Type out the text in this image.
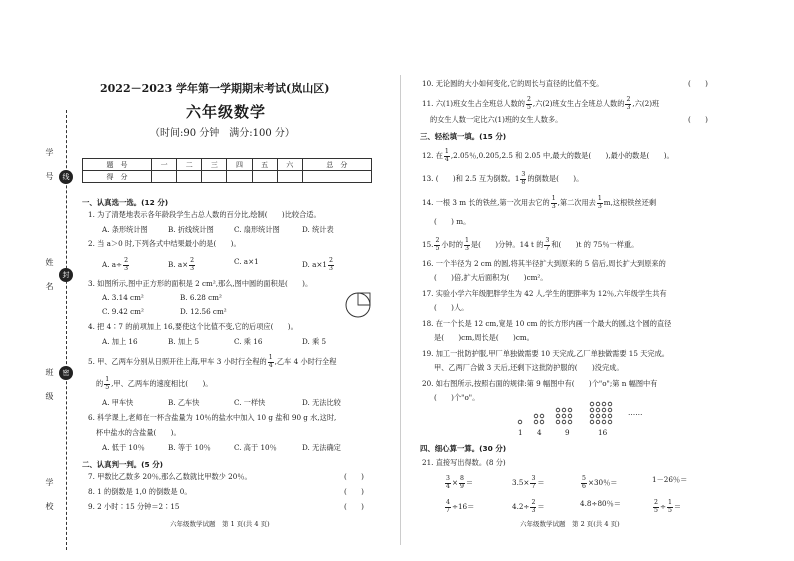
学　号
姓　名
班　级
学　校
线
封
密

2022－2023 学年第一学期期末考试(岚山区)
六年级数学
（时间:90 分钟　满分:100 分）
题　号	一	二	三	四	五	六	总　分
得　分							
一、认真选一选。(12 分)
1. 为了清楚地表示各年龄段学生占总人数的百分比,绘制(　　)比较合适。
A. 条形统计图	B. 折线统计图	C. 扇形统计图	D. 统计表
2. 当 a＞0 时,下列各式中结果最小的是(　　)。
A. $a\div \frac{2}{3}$	B. $a\times \frac{2}{3}$	C. a×1	D. $a\times 1 \frac{2}{3}$
3. 如图所示,图中正方形的面积是 2 cm²,那么,图中圆的面积是(　　)。
A. 3.14 cm²	B. 6.28 cm²
C. 9.42 cm²	D. 12.56 cm²
4. 把 4∶7 的前项加上 16,要使这个比值不变,它的后项应(　　)。
A. 加上 16	B. 加上 5	C. 乘 16	D. 乘 5
5. 甲、乙两车分别从日照开往上海,甲车 3 小时行全程的 $\frac{1}{4}$ ,乙车 4 小时行全程
的 $\frac{1}{5}$ ,甲、乙两车的速度相比(　　)。
A. 甲车快	B. 乙车快	C. 一样快	D. 无法比较
6. 科学课上,老师在一杯含盐量为 10％的盐水中加入 10 g 盐和 90 g 水,这时,
杯中盐水的含盐量(　　)。
A. 低于 10％	B. 等于 10％	C. 高于 10％	D. 无法确定
二、认真判一判。(5 分)
7. 甲数比乙数多 20％,那么乙数就比甲数少 20％。	(　　)
8. 1 的倒数是 1,0 的倒数是 0。	(　　)
9. 2 小时∶15 分钟＝2∶15	(　　)
六年级数学试题　第 1 页(共 4 页)
10. 无论圆的大小如何变化,它的周长与直径的比值不变。	(　　)
11. 六(1)班女生占全班总人数的 $\frac{2}{5}$ ,六(2)班女生占全班总人数的 $\frac{2}{3}$ ,六(2)班
的女生人数一定比六(1)班的女生人数多。	(　　)
三、轻松填一填。(15 分)
12. 在 $\frac{1}{4} ,2.05$％,0.205,2.5 和 2.05 中,最大的数是(　　),最小的数是(　　)。
13. (　　)和 2.5 互为倒数。$1 \frac{3}{8}$ 的倒数是(　　)。
14. 一根 3 m 长的铁丝,第一次用去它的 $\frac{1}{3}$ ,第二次用去 $\frac{1}{3} m$,这根铁丝还剩
(　　) m。
15. $\frac{2}{5}$ 小时的 $\frac{1}{3}$ 是(　　)分钟。14 t 的 $\frac{3}{7}$ 和(　　)t 的 75％一样重。
16. 一个半径为 2 cm 的圆,将其半径扩大到原来的 5 倍后,周长扩大到原来的
(　　)倍,扩大后面积为(　　)cm²。
17. 实验小学六年级肥胖学生为 42 人,学生的肥胖率为 12％,六年级学生共有
(　　)人。
18. 在一个长是 12 cm,宽是 10 cm 的长方形内画一个最大的圆,这个圆的直径
是(　　)cm,周长是(　　)cm。
19. 加工一批防护服,甲厂单独做需要 10 天完成,乙厂单独做需要 15 天完成。
甲、乙两厂合做 3 天后,还剩下这批防护服的(　　)没完成。
20. 如右图所示,按照右面的规律:第 9 幅图中有(　　)个"o";第 n 幅图中有
(　　)个"o"。
1 4	9	16
……
四、细心算一算。(30 分)
21. 直接写出得数。(8 分)
$\frac{3}{4} \times \frac{8}{9}$ ＝	$3.5\times \frac{3}{7}$ ＝	$\frac{5}{6} \times 30$％＝	1－26％＝
$\frac{4}{7} \div 16=$	$4.2\div \frac{2}{3}$ ＝	4.8÷80％＝	$\frac{2}{5} \div \frac{1}{5}$ ＝
六年级数学试题　第 2 页(共 4 页)
